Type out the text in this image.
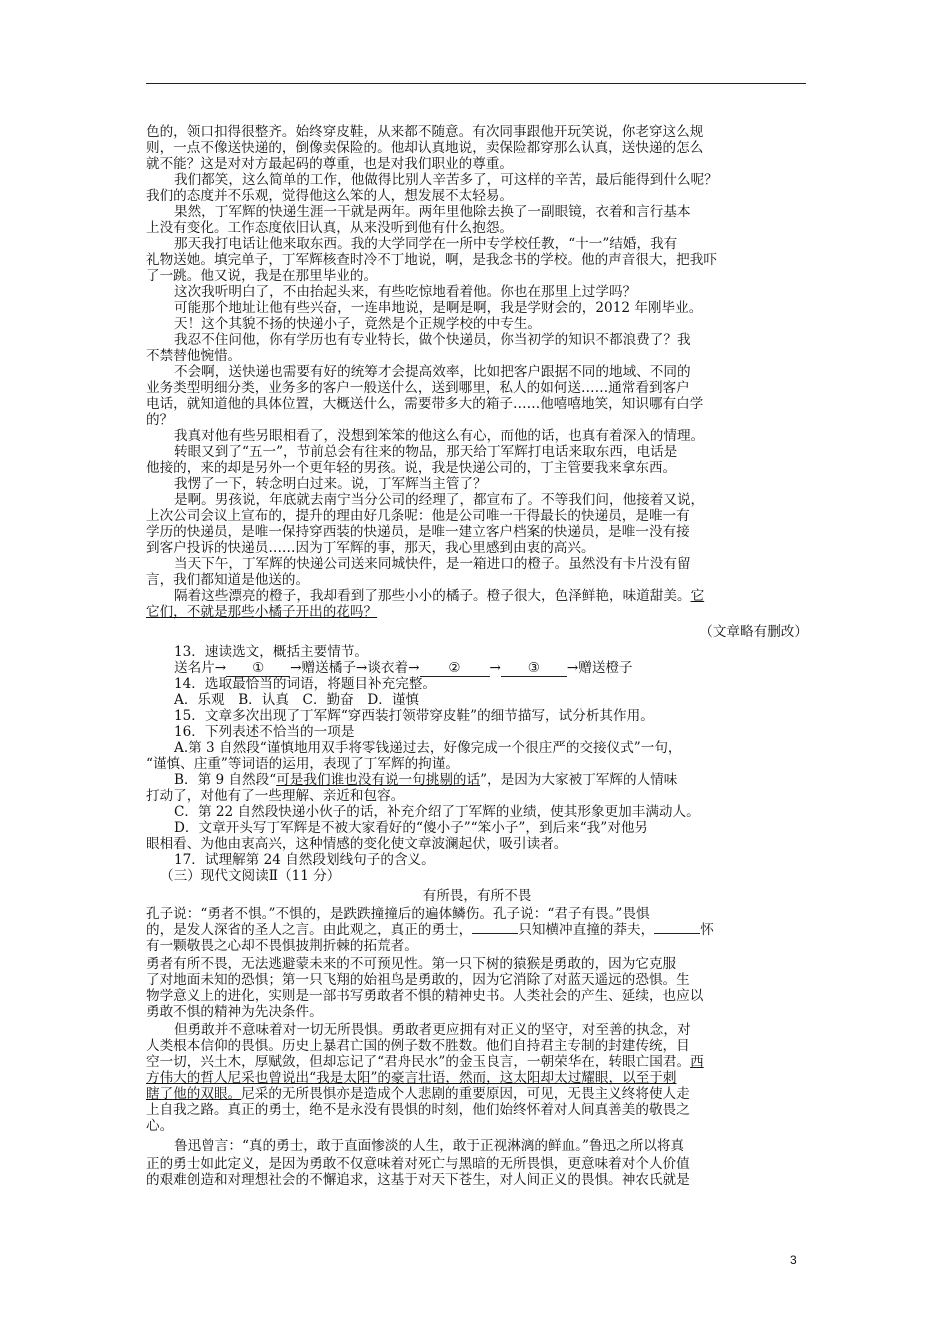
色的，领口扣得很整齐。始终穿皮鞋，从来都不随意。有次同事跟他开玩笑说，你老穿这么规
则，一点不像送快递的，倒像卖保险的。他却认真地说，卖保险都穿那么认真，送快递的怎么
就不能？这是对对方最起码的尊重，也是对我们职业的尊重。
我们都笑，这么简单的工作，他做得比别人辛苦多了，可这样的辛苦，最后能得到什么呢？
我们的态度并不乐观，觉得他这么笨的人，想发展不太轻易。
果然，丁军辉的快递生涯一干就是两年。两年里他除去换了一副眼镜，衣着和言行基本
上没有变化。工作态度依旧认真，从来没听到他有什么抱怨。
那天我打电话让他来取东西。我的大学同学在一所中专学校任教，“十一”结婚，我有
礼物送她。填完单子，丁军辉核查时冷不丁地说，啊，是我念书的学校。他的声音很大，把我吓
了一跳。他又说，我是在那里毕业的。
这次我听明白了，不由抬起头来，有些吃惊地看着他。你也在那里上过学吗？
可能那个地址让他有些兴奋，一连串地说，是啊是啊，我是学财会的，2012 年刚毕业。
天！这个其貌不扬的快递小子，竟然是个正规学校的中专生。
我忍不住问他，你有学历也有专业特长，做个快递员，你当初学的知识不都浪费了？我
不禁替他惋惜。
不会啊，送快递也需要有好的统筹才会提高效率，比如把客户跟据不同的地域、不同的
业务类型明细分类，业务多的客户一般送什么，送到哪里，私人的如何送……通常看到客户
电话，就知道他的具体位置，大概送什么，需要带多大的箱子……他嘻嘻地笑，知识哪有白学
的？
我真对他有些另眼相看了，没想到笨笨的他这么有心，而他的话，也真有着深入的情理。
转眼又到了“五一”，节前总会有往来的物品，那天给丁军辉打电话来取东西，电话是
他接的，来的却是另外一个更年轻的男孩。说，我是快递公司的，丁主管要我来拿东西。
我愣了一下，转念明白过来。说，丁军辉当主管了？
是啊。男孩说，年底就去南宁当分公司的经理了，都宣布了。不等我们问，他接着又说，
上次公司会议上宣布的，提升的理由好几条呢：他是公司唯一干得最长的快递员，是唯一有
学历的快递员，是唯一保持穿西装的快递员，是唯一建立客户档案的快递员，是唯一没有接
到客户投诉的快递员……因为丁军辉的事，那天，我心里感到由衷的高兴。
当天下午，丁军辉的快递公司送来同城快件，是一箱进口的橙子。虽然没有卡片没有留
言，我们都知道是他送的。
隔着这些漂亮的橙子，我却看到了那些小小的橘子。橙子很大，色泽鲜艳，味道甜美。它
它们，不就是那些小橘子开出的花吗？
（文章略有删改）
13．速读选文，概括主要情节。
送名片→ ① →赠送橘子→谈衣着→ ② → ③ →赠送橙子
14．选取最恰当的词语，将题目补充完整。
A．乐观　B．认真　C．勤奋　D．谨慎
15．文章多次出现了丁军辉“穿西装打领带穿皮鞋”的细节描写，试分析其作用。
16．下列表述不恰当的一项是
A.第 3 自然段“谨慎地用双手将零钱递过去，好像完成一个很庄严的交接仪式”一句，
“谨慎、庄重”等词语的运用，表现了丁军辉的拘谨。
B．第 9 自然段“可是我们谁也没有说一句挑剔的话”，是因为大家被丁军辉的人情味
打动了，对他有了一些理解、亲近和包容。
C．第 22 自然段快递小伙子的话，补充介绍了丁军辉的业绩，使其形象更加丰满动人。
D．文章开头写丁军辉是不被大家看好的“傻小子”“笨小子”，到后来“我”对他另
眼相看、为他由衷高兴，这种情感的变化使文章波澜起伏，吸引读者。
17．试理解第 24 自然段划线句子的含义。
（三）现代文阅读Ⅱ（11 分）
有所畏，有所不畏
孔子说：“勇者不惧。”不惧的，是跌跌撞撞后的遍体鳞伤。孔子说：“君子有畏。”畏惧
的，是发人深省的圣人之言。由此观之，真正的勇士，	只知横冲直撞的莽夫，	怀
有一颗敬畏之心却不畏惧披荆折棘的拓荒者。
勇者有所不畏，无法逃避蒙未来的不可预见性。第一只下树的猿猴是勇敢的，因为它克服
了对地面未知的恐惧；第一只飞翔的始祖鸟是勇敢的，因为它消除了对蓝天遥远的恐惧。生
物学意义上的进化，实则是一部书写勇敢者不惧的精神史书。人类社会的产生、延续，也应以
勇敢不惧的精神为先决条件。
但勇敢并不意味着对一切无所畏惧。勇敢者更应拥有对正义的坚守，对至善的执念，对
人类根本信仰的畏惧。历史上暴君亡国的例子数不胜数。他们自持君主专制的封建传统，目
空一切，兴土木，厚赋敛，但却忘记了“君舟民水”的金玉良言，一朝荣华在，转眼亡国君。西
方伟大的哲人尼采也曾说出“我是太阳”的豪言壮语，然而，这太阳却太过耀眼，以至于刺
瞎了他的双眼。尼采的无所畏惧亦是造成个人悲剧的重要原因，可见，无畏主义终将使人走
上自我之路。真正的勇士，绝不是永没有畏惧的时刻，他们始终怀着对人间真善美的敬畏之
心。
鲁迅曾言：“真的勇士，敢于直面惨淡的人生，敢于正视淋漓的鲜血。”鲁迅之所以将真
正的勇士如此定义，是因为勇敢不仅意味着对死亡与黑暗的无所畏惧，更意味着对个人价值
的艰难创造和对理想社会的不懈追求，这基于对天下苍生，对人间正义的畏惧。神农氏就是
3
